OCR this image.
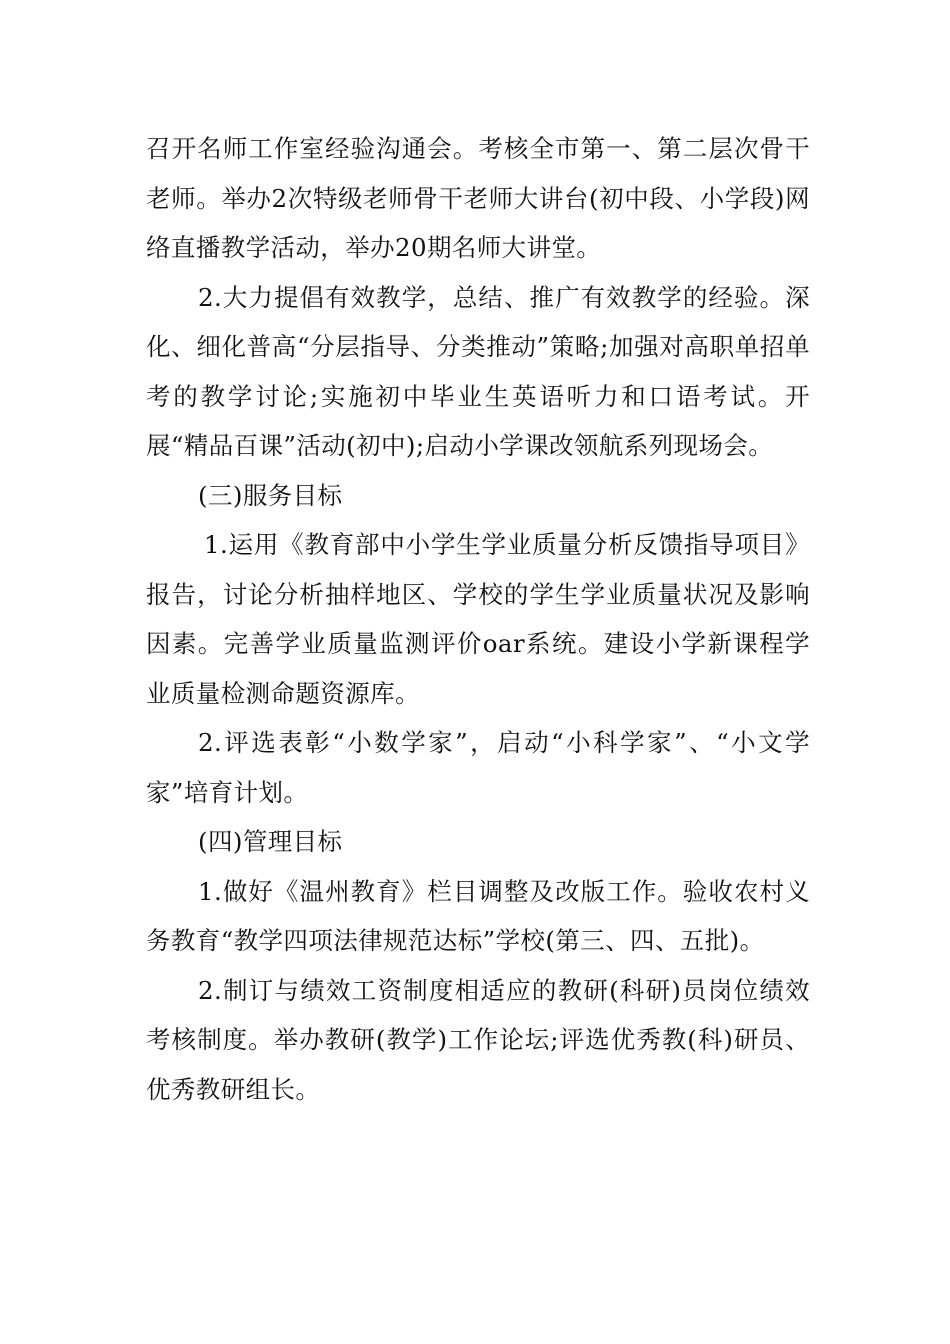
召开名师工作室经验沟通会。考核全市第一、第二层次骨干老师。举办2次特级老师骨干老师大讲台(初中段、小学段)网络直播教学活动，举办20期名师大讲堂。

2.大力提倡有效教学，总结、推广有效教学的经验。深化、细化普高“分层指导、分类推动”策略;加强对高职单招单考的教学讨论;实施初中毕业生英语听力和口语考试。开展“精品百课”活动(初中);启动小学课改领航系列现场会。

(三)服务目标

1.运用《教育部中小学生学业质量分析反馈指导项目》报告，讨论分析抽样地区、学校的学生学业质量状况及影响因素。完善学业质量监测评价oar系统。建设小学新课程学业质量检测命题资源库。

2.评选表彰“小数学家”，启动“小科学家”、“小文学家”培育计划。

(四)管理目标

1.做好《温州教育》栏目调整及改版工作。验收农村义务教育“教学四项法律规范达标”学校(第三、四、五批)。

2.制订与绩效工资制度相适应的教研(科研)员岗位绩效考核制度。举办教研(教学)工作论坛;评选优秀教(科)研员、优秀教研组长。
